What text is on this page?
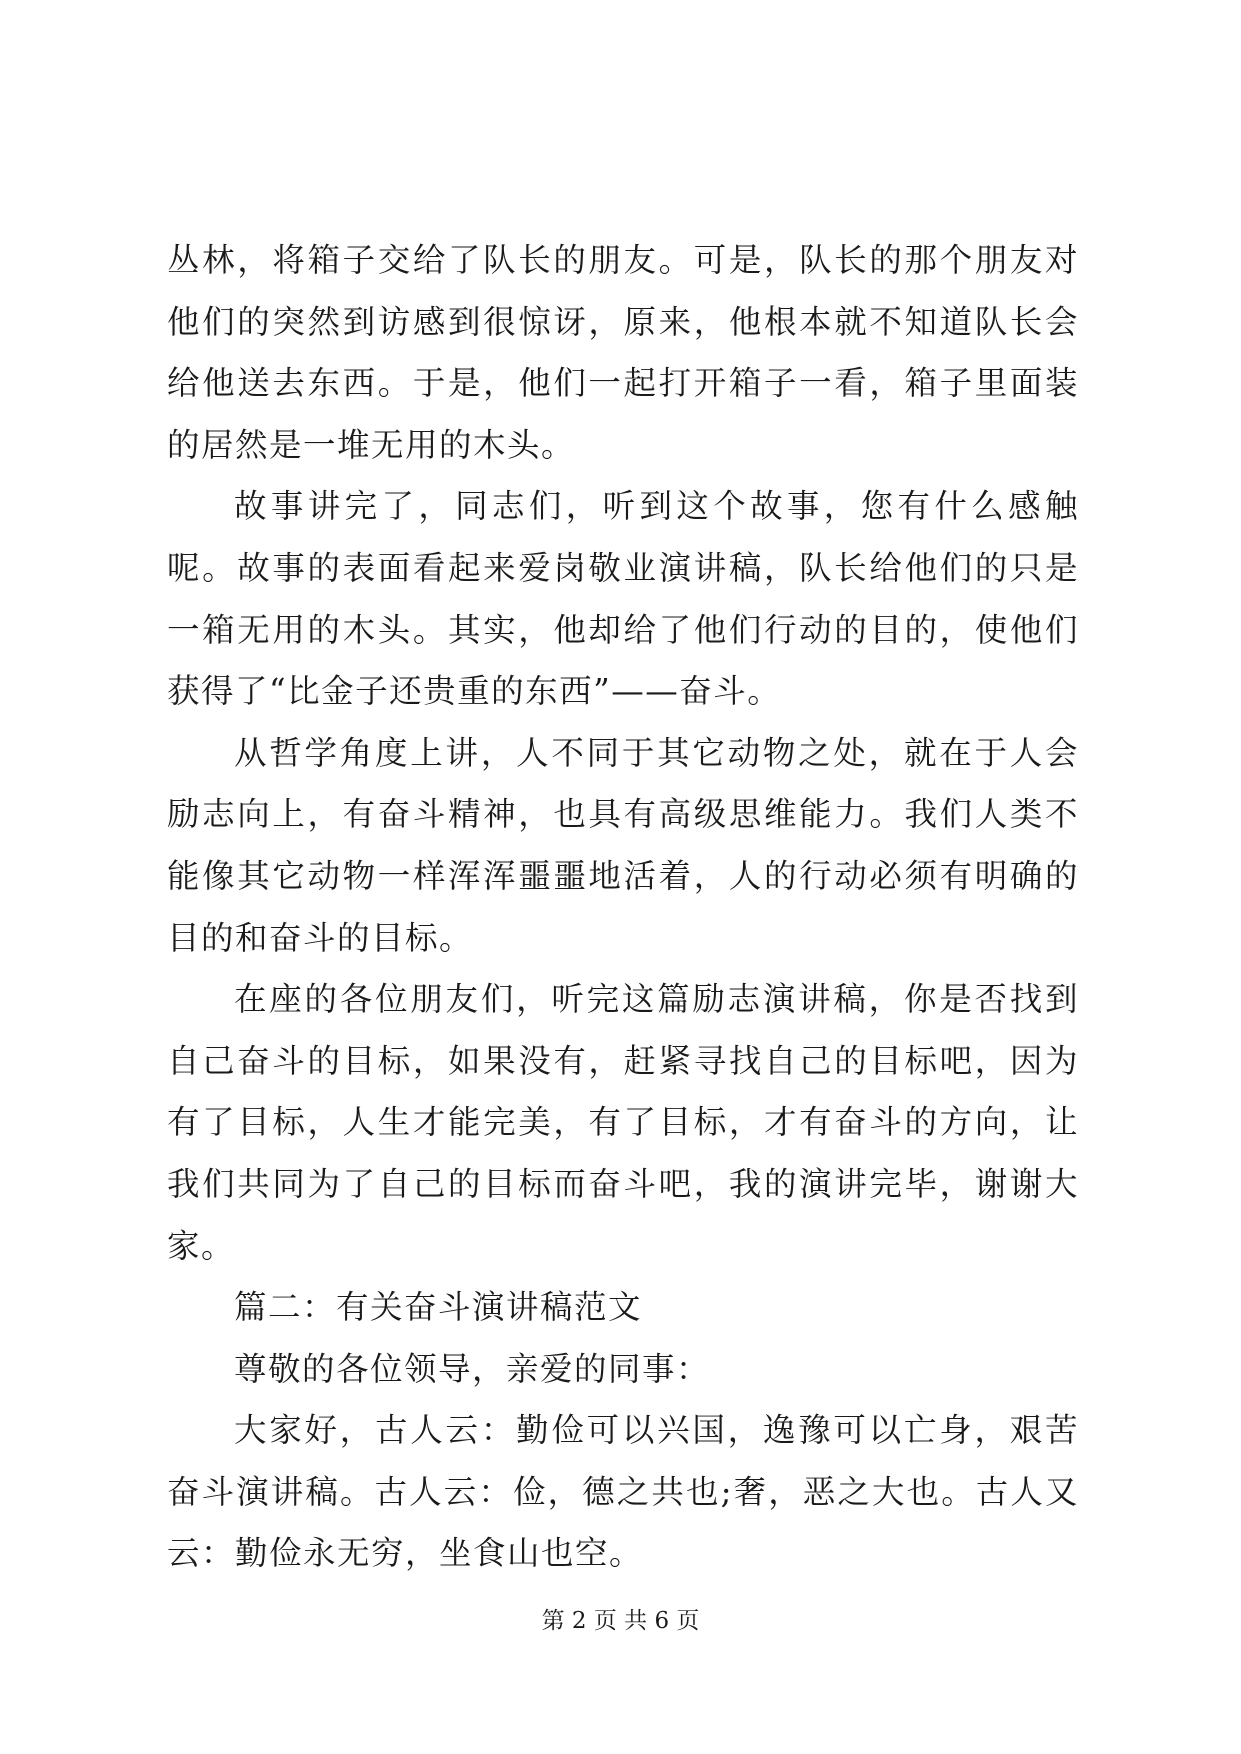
丛林，将箱子交给了队长的朋友。可是，队长的那个朋友对他们的突然到访感到很惊讶，原来，他根本就不知道队长会给他送去东西。于是，他们一起打开箱子一看，箱子里面装的居然是一堆无用的木头。

故事讲完了，同志们，听到这个故事，您有什么感触呢。故事的表面看起来爱岗敬业演讲稿，队长给他们的只是一箱无用的木头。其实，他却给了他们行动的目的，使他们获得了“比金子还贵重的东西”——奋斗。

从哲学角度上讲，人不同于其它动物之处，就在于人会励志向上，有奋斗精神，也具有高级思维能力。我们人类不能像其它动物一样浑浑噩噩地活着，人的行动必须有明确的目的和奋斗的目标。

在座的各位朋友们，听完这篇励志演讲稿，你是否找到自己奋斗的目标，如果没有，赶紧寻找自己的目标吧，因为有了目标，人生才能完美，有了目标，才有奋斗的方向，让我们共同为了自己的目标而奋斗吧，我的演讲完毕，谢谢大家。

篇二：有关奋斗演讲稿范文

尊敬的各位领导，亲爱的同事：

大家好，古人云：勤俭可以兴国，逸豫可以亡身，艰苦奋斗演讲稿。古人云：俭，德之共也;奢，恶之大也。古人又云：勤俭永无穷，坐食山也空。

第 2 页 共 6 页
